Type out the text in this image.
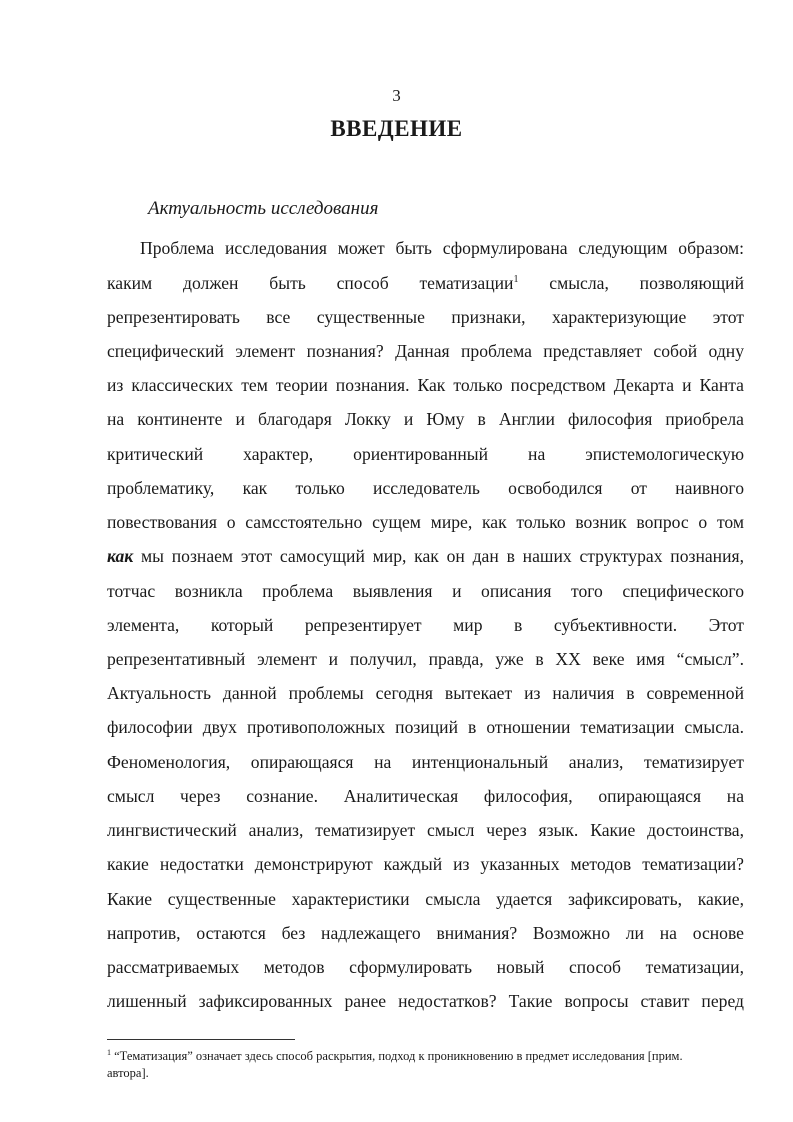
3
ВВЕДЕНИЕ
Актуальность исследования
Проблема исследования может быть сформулирована следующим образом:
каким должен быть способ тематизации$^1$ смысла, позволяющий
репрезентировать все существенные признаки, характеризующие этот
специфический элемент познания? Данная проблема представляет собой одну
из классических тем теории познания. Как только посредством Декарта и Канта
на континенте и благодаря Локку и Юму в Англии философия приобрела
критический характер, ориентированный на эпистемологическую
проблематику, как только исследователь освободился от наивного
повествования о самсстоятельно сущем мире, как только возник вопрос о том
как мы познаем этот самосущий мир, как он дан в наших структурах познания,
тотчас возникла проблема выявления и описания того специфического
элемента, который репрезентирует мир в субъективности. Этот
репрезентативный элемент и получил, правда, уже в XX веке имя “смысл”.
Актуальность данной проблемы сегодня вытекает из наличия в современной
философии двух противоположных позиций в отношении тематизации смысла.
Феноменология, опирающаяся на интенциональный анализ, тематизирует
смысл через сознание. Аналитическая философия, опирающаяся на
лингвистический анализ, тематизирует смысл через язык. Какие достоинства,
какие недостатки демонстрируют каждый из указанных методов тематизации?
Какие существенные характеристики смысла удается зафиксировать, какие,
напротив, остаются без надлежащего внимания? Возможно ли на основе
рассматриваемых методов сформулировать новый способ тематизации,
лишенный зафиксированных ранее недостатков? Такие вопросы ставит перед
$^1$ “Тематизация” означает здесь способ раскрытия, подход к проникновению в предмет исследования [прим.
автора].
